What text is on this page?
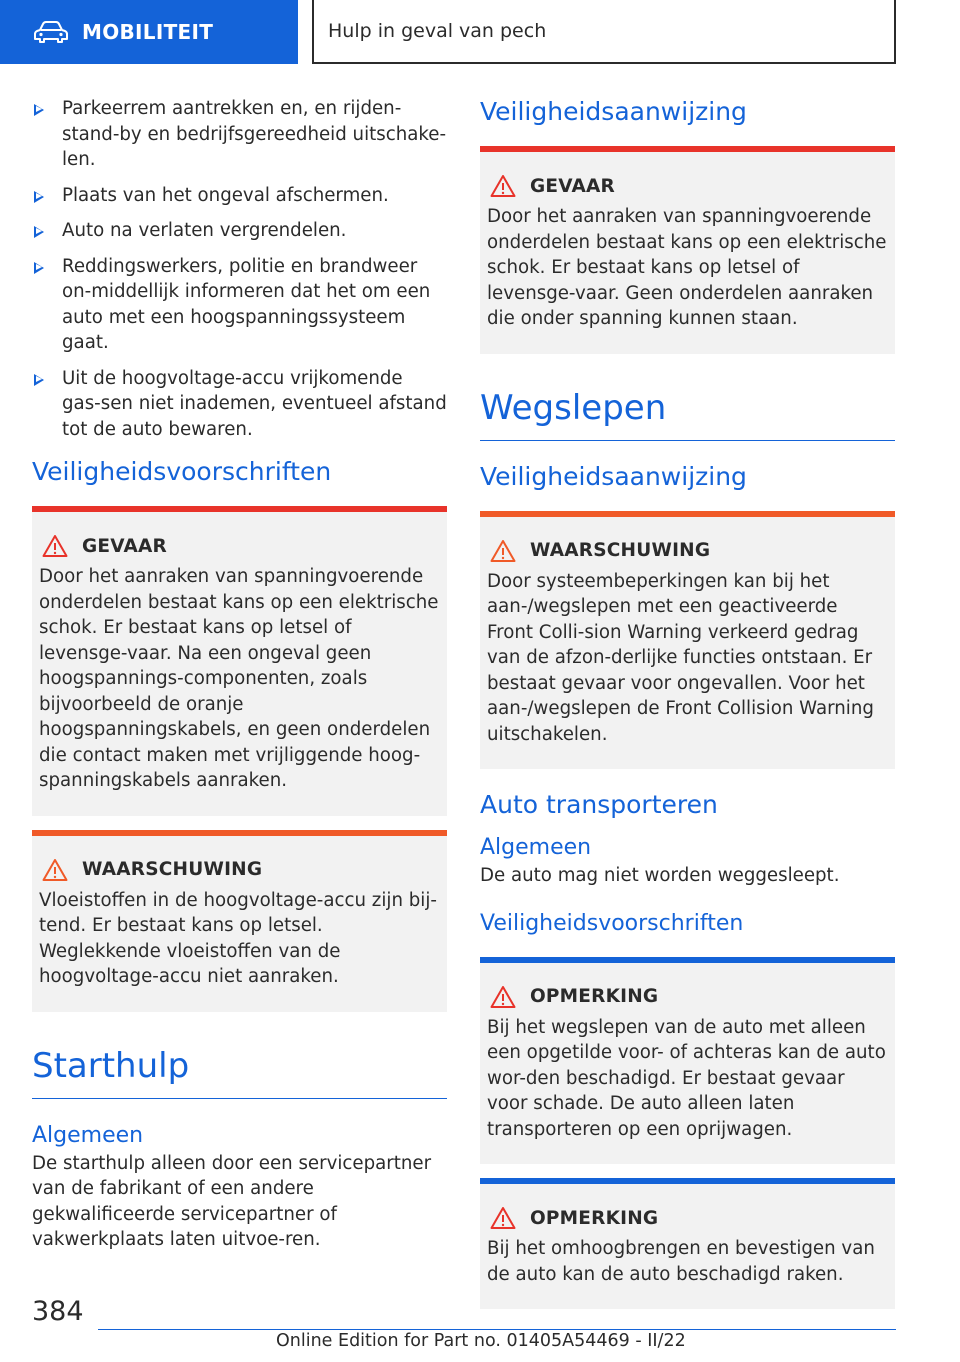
MOBILITEIT	Hulp in geval van pech
Parkeerrem aantrekken en, en rijden-stand-by en bedrijfsgereedheid uitschake-len.
Plaats van het ongeval afschermen.
Auto na verlaten vergrendelen.
Reddingswerkers, politie en brandweer on-middellijk informeren dat het om een auto met een hoogspanningssysteem gaat.
Uit de hoogvoltage-accu vrijkomende gas-sen niet inademen, eventueel afstand tot de auto bewaren.
Veiligheidsvoorschriften
GEVAAR

Door het aanraken van spanningvoerende onderdelen bestaat kans op een elektrische schok. Er bestaat kans op letsel of levensge-vaar. Na een ongeval geen hoogspannings-componenten, zoals bijvoorbeeld de oranje hoogspanningskabels, en geen onderdelen die contact maken met vrijliggende hoog-spanningskabels aanraken.

WAARSCHUWING

Vloeistoffen in de hoogvoltage-accu zijn bij-tend. Er bestaat kans op letsel. Weglekkende vloeistoffen van de hoogvoltage-accu niet aanraken.

Starthulp
Algemeen

De starthulp alleen door een servicepartner van de fabrikant of een andere gekwalificeerde servicepartner of vakwerkplaats laten uitvoe-ren.

Veiligheidsaanwijzing
GEVAAR

Door het aanraken van spanningvoerende onderdelen bestaat kans op een elektrische schok. Er bestaat kans op letsel of levensge-vaar. Geen onderdelen aanraken die onder spanning kunnen staan.

Wegslepen
Veiligheidsaanwijzing
WAARSCHUWING

Door systeembeperkingen kan bij het aan-/wegslepen met een geactiveerde Front Colli-sion Warning verkeerd gedrag van de afzon-derlijke functies ontstaan. Er bestaat gevaar voor ongevallen. Voor het aan-/wegslepen de Front Collision Warning uitschakelen.

Auto transporteren
Algemeen

De auto mag niet worden weggesleept.

Veiligheidsvoorschriften
OPMERKING

Bij het wegslepen van de auto met alleen een opgetilde voor- of achteras kan de auto wor-den beschadigd. Er bestaat gevaar voor schade. De auto alleen laten transporteren op een oprijwagen.

OPMERKING

Bij het omhoogbrengen en bevestigen van de auto kan de auto beschadigd raken.

384
Online Edition for Part no. 01405A54469 - II/22
